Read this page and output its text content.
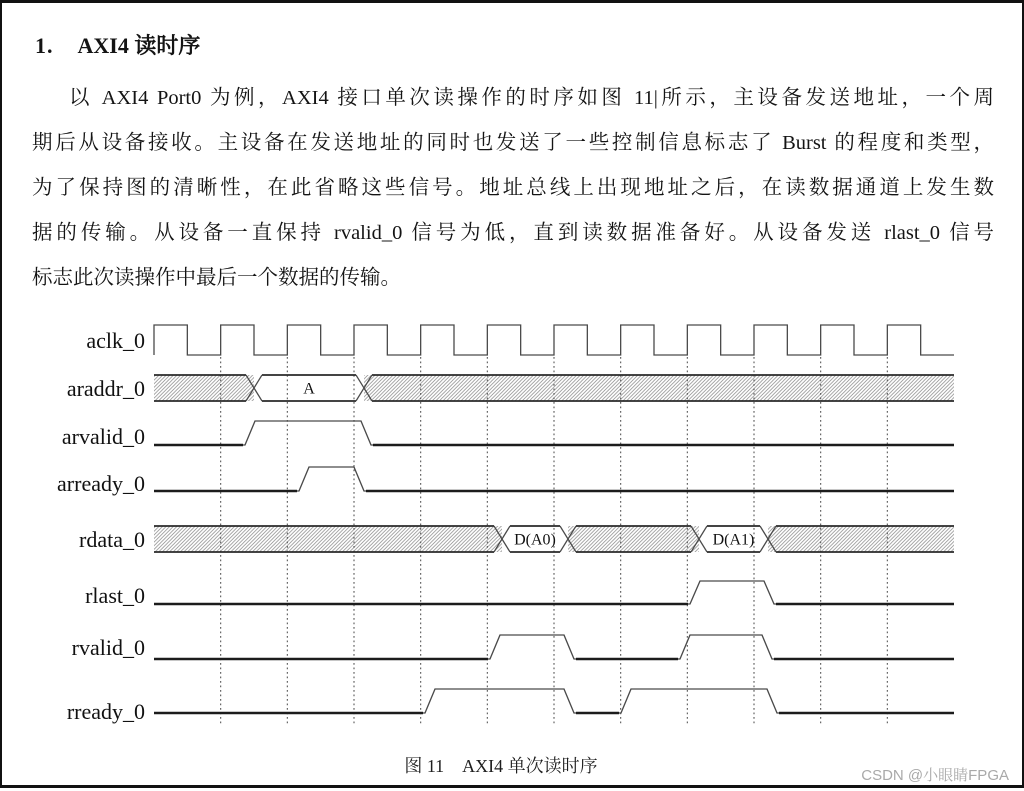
1. AXI4 读时序
以 AXI4 Port0 为例，AXI4 接口单次读操作的时序如图 11|所示，主设备发送地址，一个周
期后从设备接收。主设备在发送地址的同时也发送了一些控制信息标志了 Burst 的程度和类型，
为了保持图的清晰性，在此省略这些信号。地址总线上出现地址之后，在读数据通道上发生数
据的传输。从设备一直保持 rvalid_0 信号为低，直到读数据准备好。从设备发送 rlast_0 信号
标志此次读操作中最后一个数据的传输。
aclk_0
A
araddr_0
arvalid_0
arready_0
D(A0)	D(A1)
rdata_0
rlast_0
rvalid_0
rready_0
图 11　AXI4 单次读时序	CSDN @小眼睛FPGA
